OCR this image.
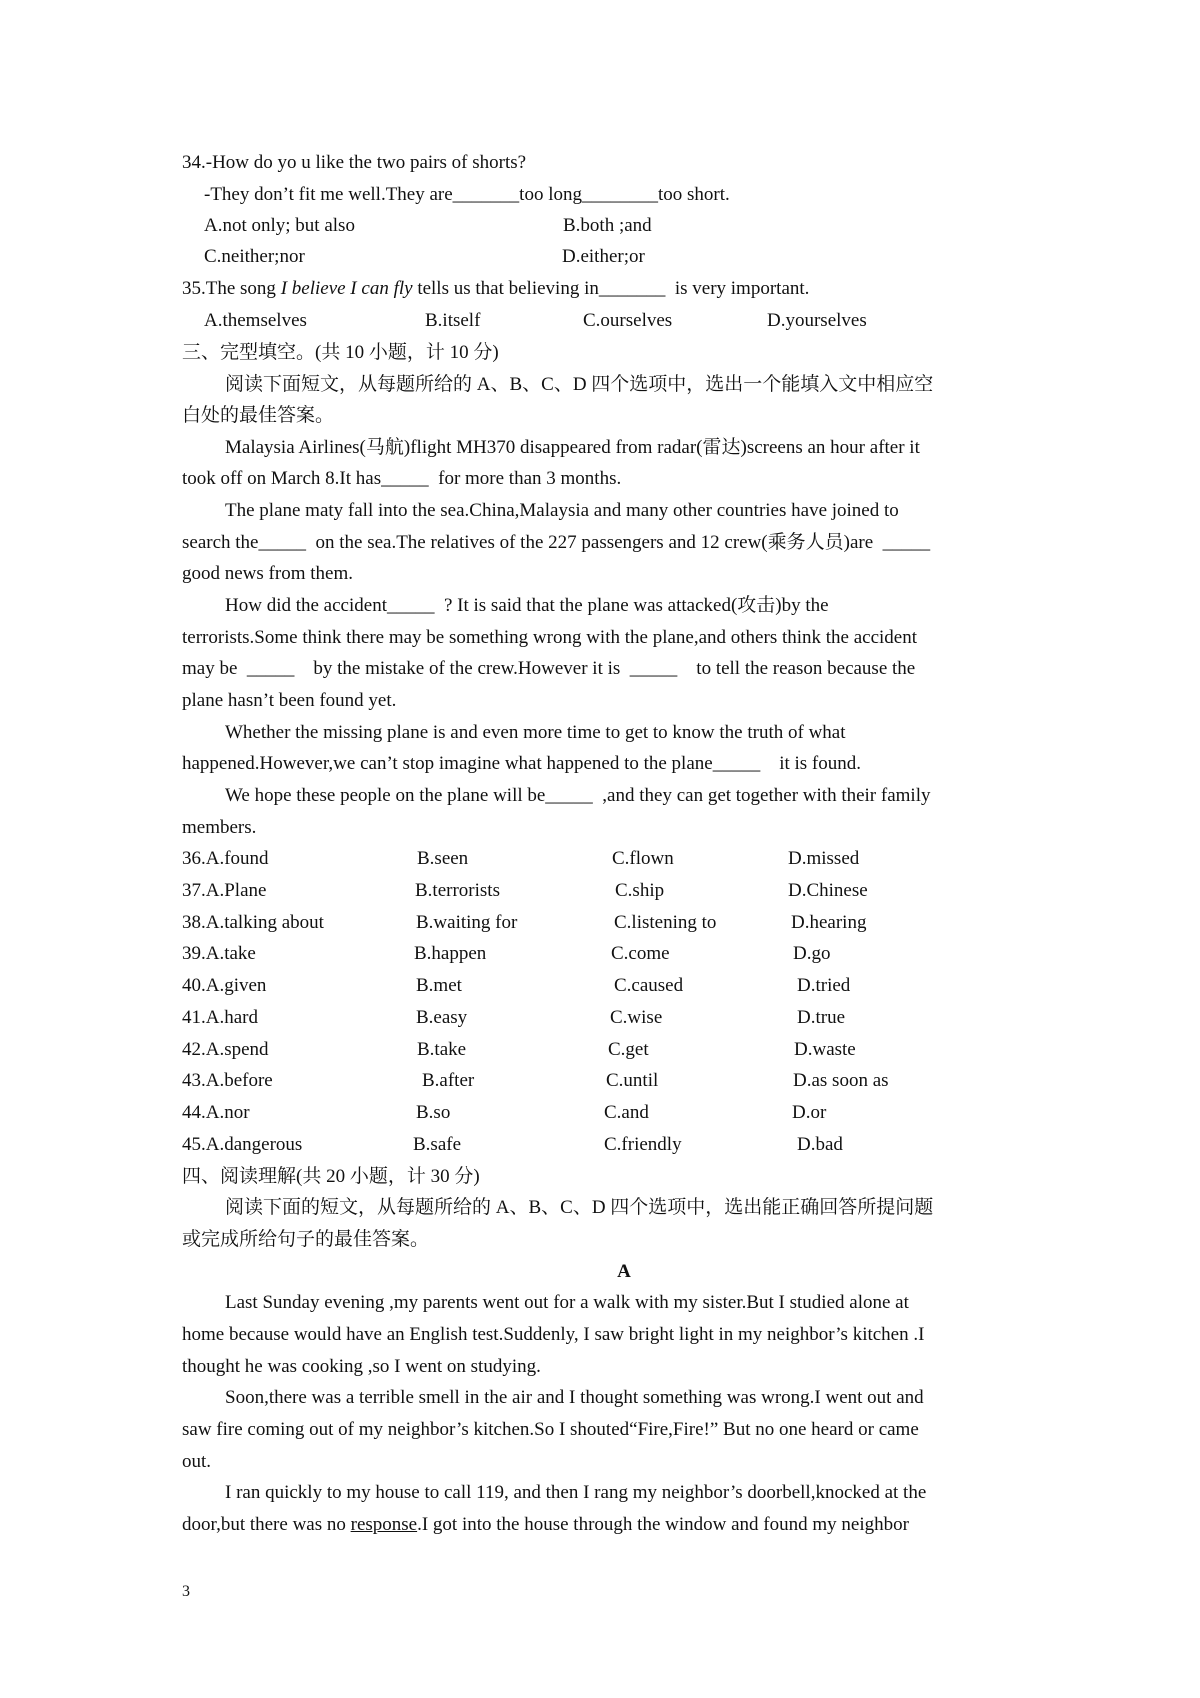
34.-How do yo u like the two pairs of shorts?
-They don’t fit me well.They are_______too long________too short.
A.not only; but also	B.both ;and
C.neither;nor	D.either;or
35.The song I believe I can fly tells us that believing in_______  is very important.
A.themselves	B.itself	C.ourselves	D.yourselves
三、完型填空。(共 10 小题，计 10 分)
阅读下面短文，从每题所给的 A、B、C、D 四个选项中，选出一个能填入文中相应空
白处的最佳答案。
Malaysia Airlines(马航)flight MH370 disappeared from radar(雷达)screens an hour after it
took off on March 8.It has_____  for more than 3 months.
The plane maty fall into the sea.China,Malaysia and many other countries have joined to
search the_____  on the sea.The relatives of the 227 passengers and 12 crew(乘务人员)are  _____
good news from them.
How did the accident_____  ? It is said that the plane was attacked(攻击)by the
terrorists.Some think there may be something wrong with the plane,and others think the accident
may be  _____    by the mistake of the crew.However it is  _____    to tell the reason because the
plane hasn’t been found yet.
Whether the missing plane is and even more time to get to know the truth of what
happened.However,we can’t stop imagine what happened to the plane_____    it is found.
We hope these people on the plane will be_____  ,and they can get together with their family
members.
36.A.found	B.seen	C.flown	D.missed
37.A.Plane	B.terrorists	C.ship	D.Chinese
38.A.talking about	B.waiting for	C.listening to	D.hearing
39.A.take	B.happen	C.come	D.go
40.A.given	B.met	C.caused	D.tried
41.A.hard	B.easy	C.wise	D.true
42.A.spend	B.take	C.get	D.waste
43.A.before	B.after	C.until	D.as soon as
44.A.nor	B.so	C.and	D.or
45.A.dangerous	B.safe	C.friendly	D.bad
四、阅读理解(共 20 小题，计 30 分)
阅读下面的短文，从每题所给的 A、B、C、D 四个选项中，选出能正确回答所提问题
或完成所给句子的最佳答案。
A
Last Sunday evening ,my parents went out for a walk with my sister.But I studied alone at
home because would have an English test.Suddenly, I saw bright light in my neighbor’s kitchen .I
thought he was cooking ,so I went on studying.
Soon,there was a terrible smell in the air and I thought something was wrong.I went out and
saw fire coming out of my neighbor’s kitchen.So I shouted“Fire,Fire!” But no one heard or came
out.
I ran quickly to my house to call 119, and then I rang my neighbor’s doorbell,knocked at the
door,but there was no response.I got into the house through the window and found my neighbor
3
